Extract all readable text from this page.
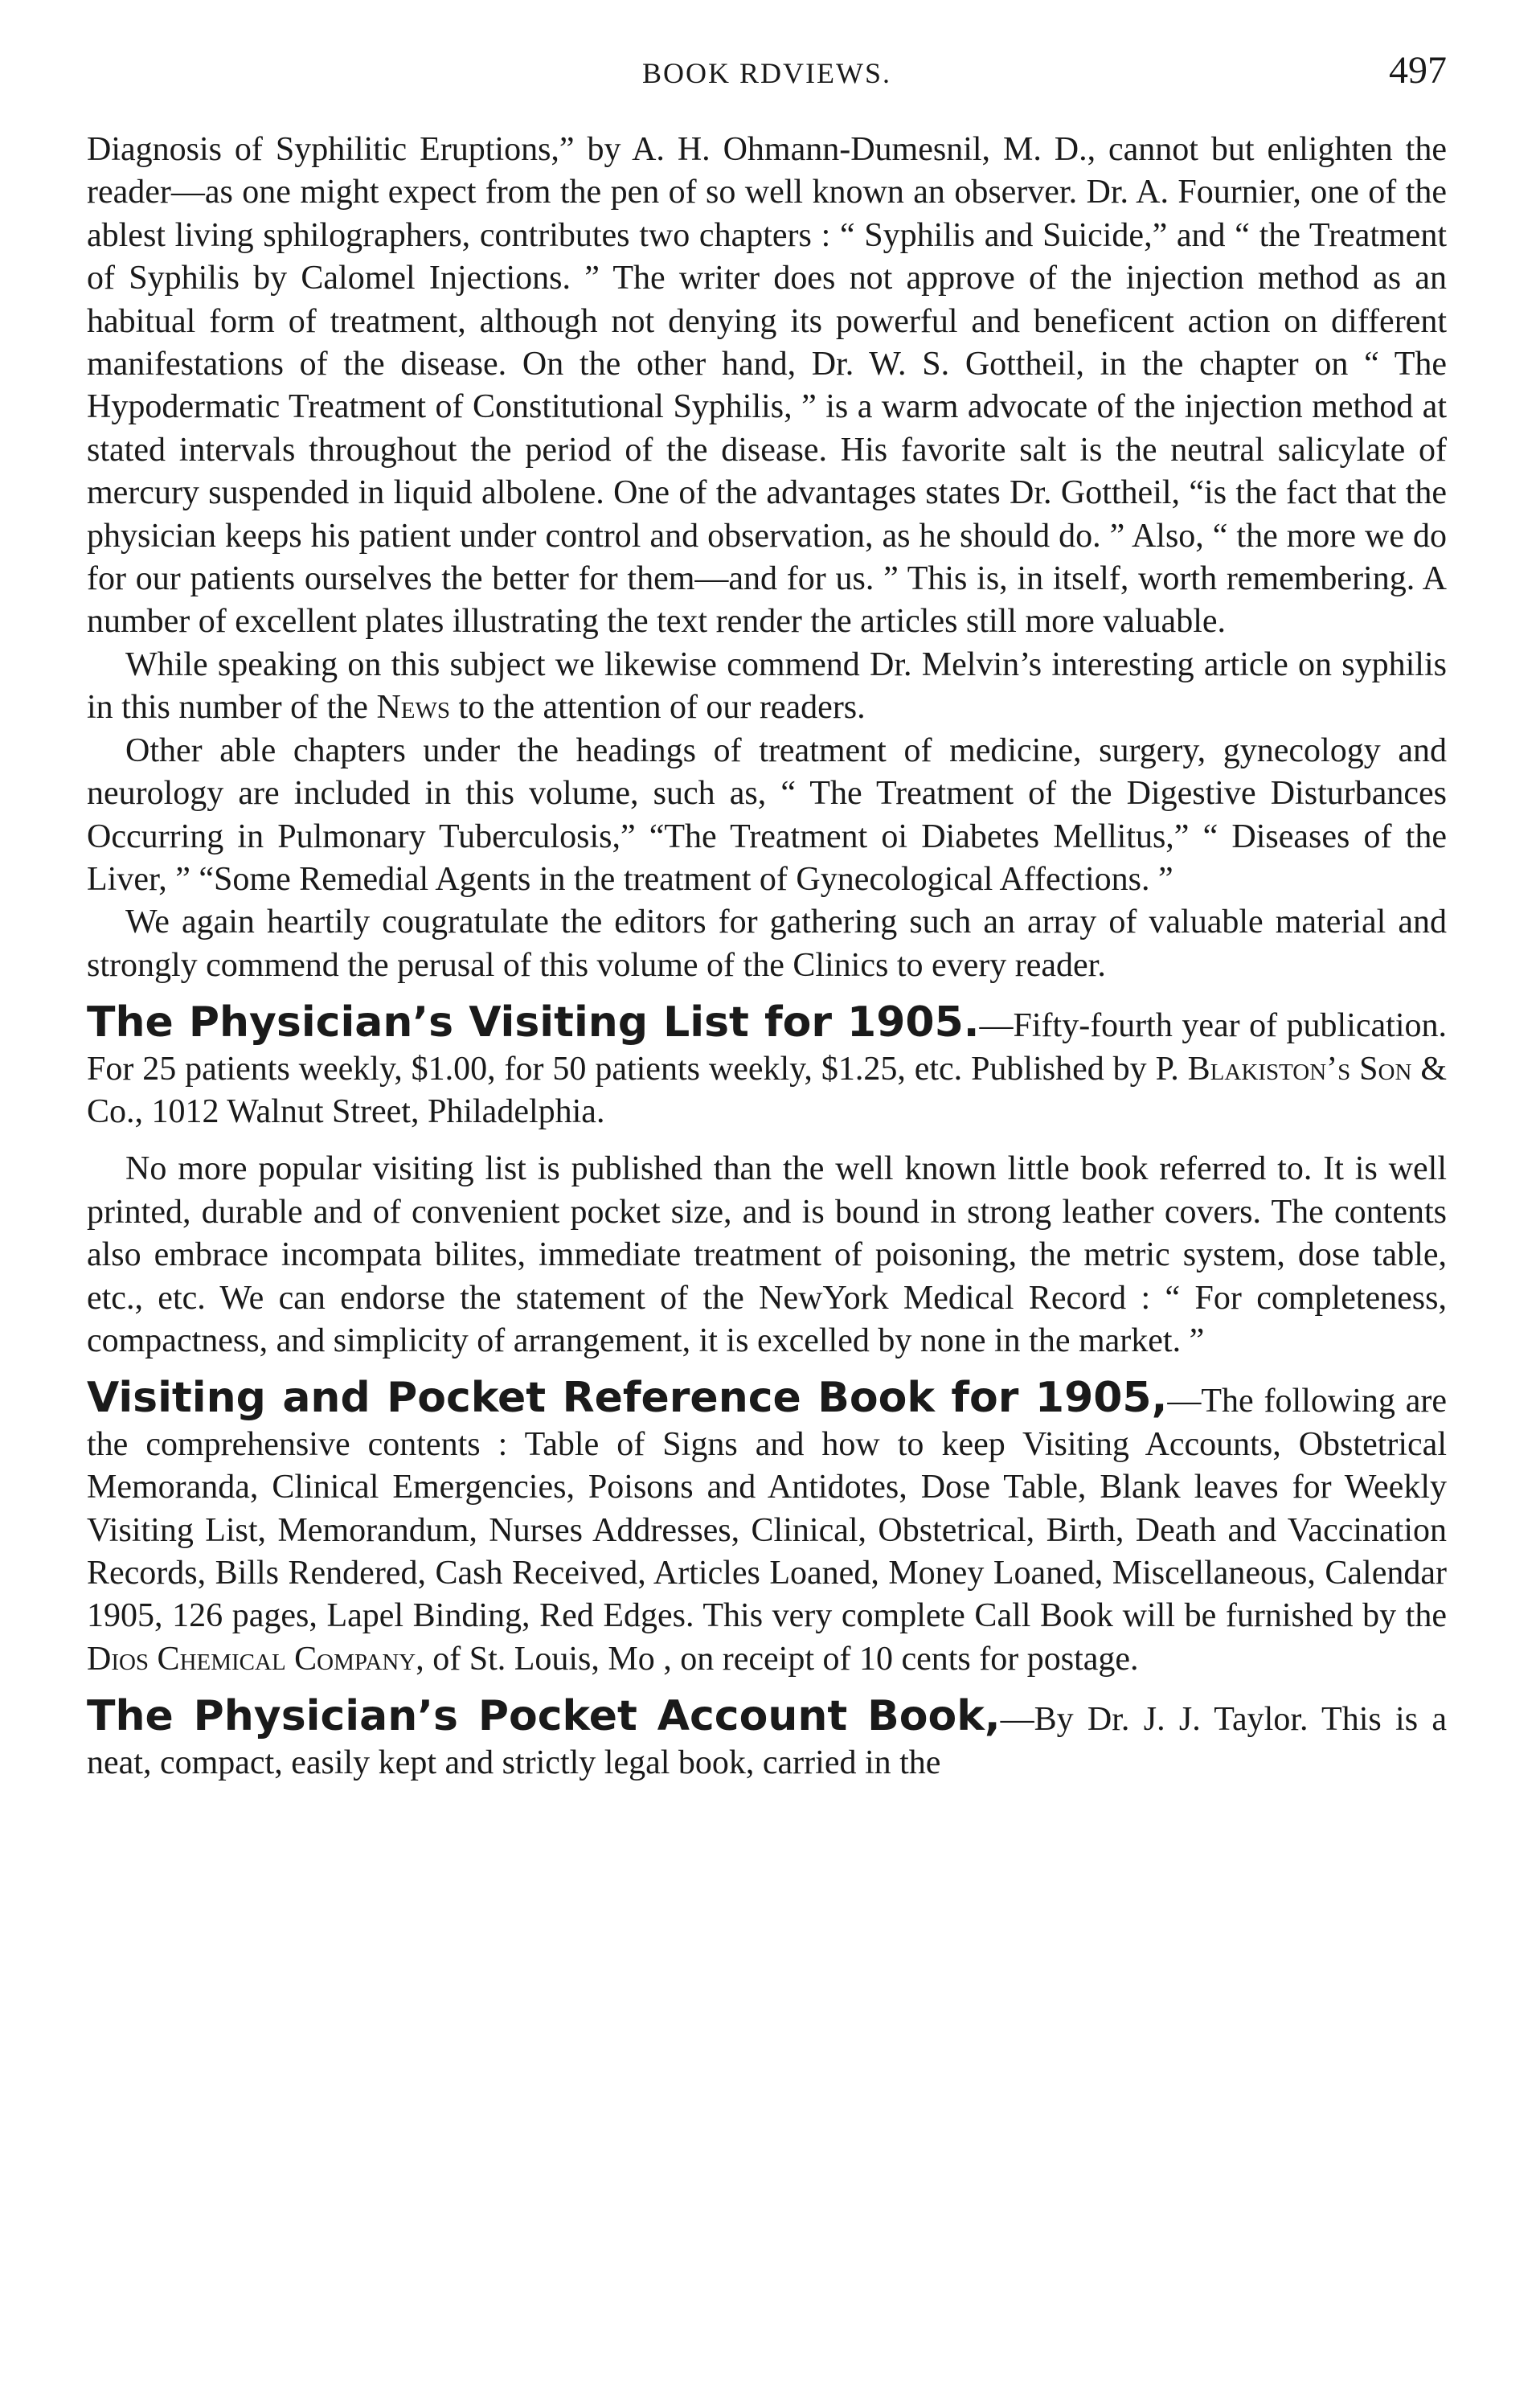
BOOK RDVIEWS.	497

Diagnosis of Syphilitic Eruptions,” by A. H. Ohmann-Dumesnil, M. D., cannot but enlighten the reader—as one might expect from the pen of so well known an observer. Dr. A. Fournier, one of the ablest living sphilographers, contributes two chapters : “ Syphilis and Suicide,” and “ the Treatment of Syphilis by Calomel Injections. ” The writer does not approve of the injection method as an habitual form of treatment, although not denying its powerful and beneficent action on different manifestations of the disease. On the other hand, Dr. W. S. Gottheil, in the chapter on “ The Hypodermatic Treatment of Constitutional Syphilis, ” is a warm advocate of the injection method at stated intervals throughout the period of the disease. His favorite salt is the neutral salicylate of mercury suspended in liquid albolene. One of the advantages states Dr. Gottheil, “is the fact that the physician keeps his patient under control and observation, as he should do. ” Also, “ the more we do for our patients ourselves the better for them—and for us. ” This is, in itself, worth remembering. A number of excellent plates illustrating the text render the articles still more valuable.

While speaking on this subject we likewise commend Dr. Melvin’s interesting article on syphilis in this number of the News to the attention of our readers.

Other able chapters under the headings of treatment of medicine, surgery, gynecology and neurology are included in this volume, such as, “ The Treatment of the Digestive Disturbances Occurring in Pulmonary Tuberculosis,” “The Treatment oi Diabetes Mellitus,” “ Diseases of the Liver, ” “Some Remedial Agents in the treatment of Gynecological Affections. ”

We again heartily cougratulate the editors for gathering such an array of valuable material and strongly commend the perusal of this volume of the Clinics to every reader.

The Physician’s Visiting List for 1905.—Fifty-fourth year of publication. For 25 patients weekly, $1.00, for 50 patients weekly, $1.25, etc. Published by P. Blakiston’s Son & Co., 1012 Walnut Street, Philadelphia.

No more popular visiting list is published than the well known little book referred to. It is well printed, durable and of convenient pocket size, and is bound in strong leather covers. The contents also embrace incompata bilites, immediate treatment of poisoning, the metric system, dose table, etc., etc. We can endorse the statement of the NewYork Medical Record : “ For completeness, compactness, and simplicity of arrangement, it is excelled by none in the market. ”

Visiting and Pocket Reference Book for 1905,—The following are the comprehensive contents : Table of Signs and how to keep Visiting Accounts, Obstetrical Memoranda, Clinical Emergencies, Poisons and Antidotes, Dose Table, Blank leaves for Weekly Visiting List, Memorandum, Nurses Addresses, Clinical, Obstetrical, Birth, Death and Vaccination Records, Bills Rendered, Cash Received, Articles Loaned, Money Loaned, Miscellaneous, Calendar 1905, 126 pages, Lapel Binding, Red Edges. This very complete Call Book will be furnished by the Dios Chemical Company, of St. Louis, Mo , on receipt of 10 cents for postage.

The Physician’s Pocket Account Book,—By Dr. J. J. Taylor. This is a neat, compact, easily kept and strictly legal book, carried in the
